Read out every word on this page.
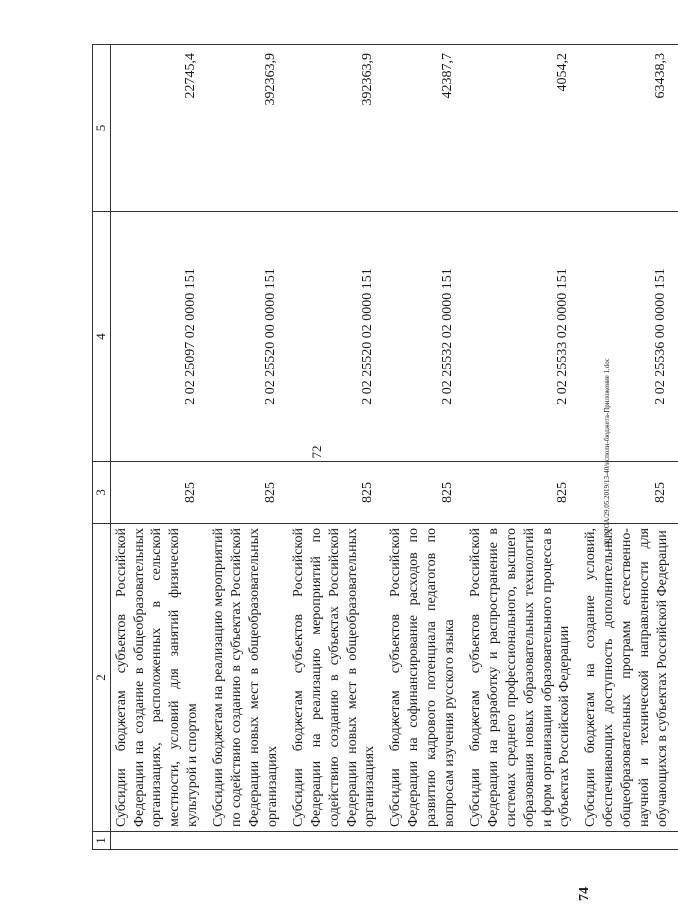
72	20 3/ЗОА/29.05.2019/13-40/исполн-бюджета-Приложение 1.doc
74
1	2	3	4	5
	Субсидии бюджетам субъектов Российской Федерации на создание в общеобразовательных организациях, расположенных в сельской местности, условий для занятий физической культурой и спортом	825	2 02 25097 02 0000 151	22745,4
	Субсидии бюджетам на реализацию мероприятий по содействию созданию в субъектах Российской Федерации новых мест в общеобразовательных организациях	825	2 02 25520 00 0000 151	392363,9
	Субсидии бюджетам субъектов Российской Федерации на реализацию мероприятий по содействию созданию в субъектах Российской Федерации новых мест в общеобразовательных организациях	825	2 02 25520 02 0000 151	392363,9
	Субсидии бюджетам субъектов Российской Федерации на софинансирование расходов по развитию кадрового потенциала педагогов по вопросам изучения русского языка	825	2 02 25532 02 0000 151	42387,7
	Субсидии бюджетам субъектов Российской Федерации на разработку и распространение в системах среднего профессионального, высшего образования новых образовательных технологий и форм организации образовательного процесса в субъектах Российской Федерации	825	2 02 25533 02 0000 151	4054,2
	Субсидии бюджетам на создание условий, обеспечивающих доступность дополнительных общеобразовательных программ естественно-научной и технической направленности для обучающихся в субъектах Российской Федерации	825	2 02 25536 00 0000 151	63438,3
